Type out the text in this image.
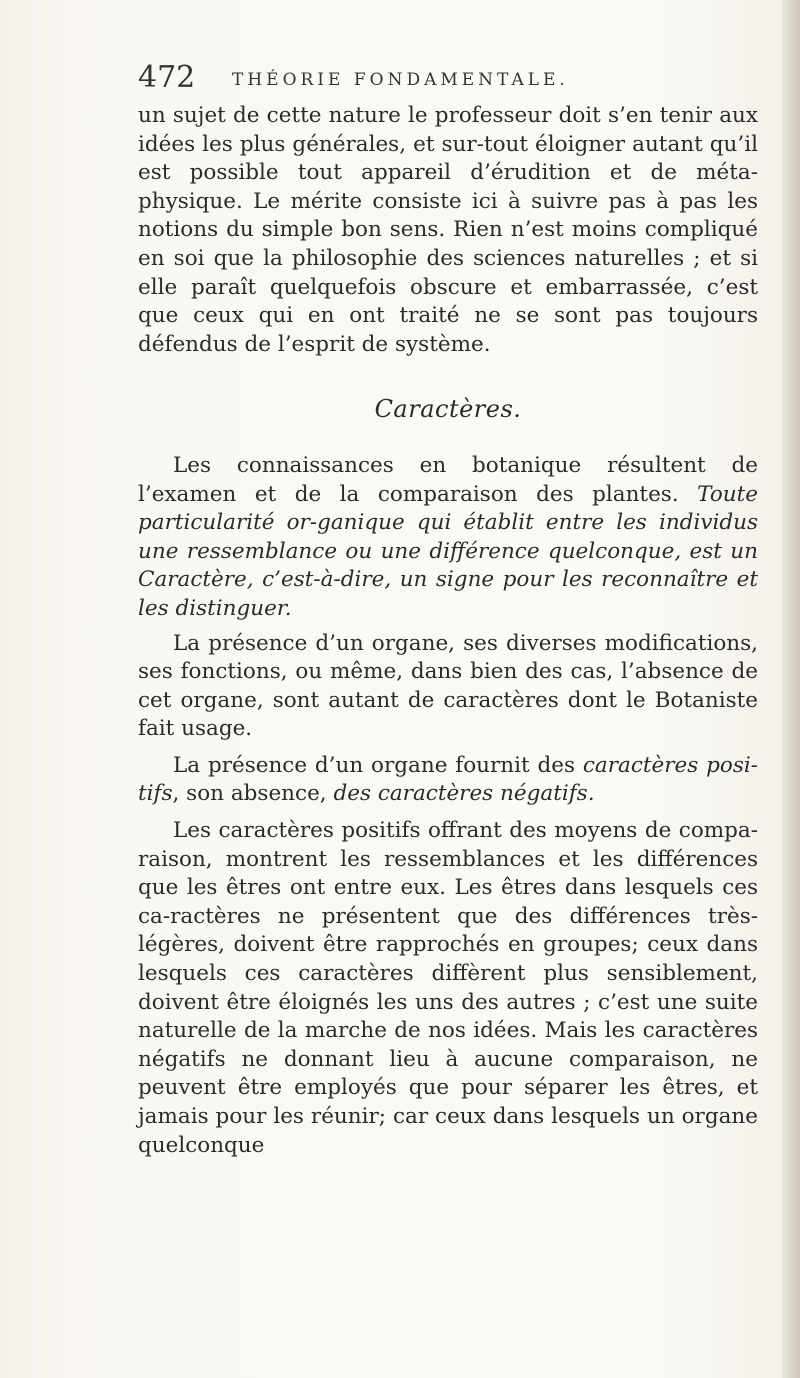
472 THÉORIE FONDAMENTALE.

un sujet de cette nature le professeur doit s’en tenir aux idées les plus générales, et sur-tout éloigner autant qu’il est possible tout appareil d’érudition et de méta-physique. Le mérite consiste ici à suivre pas à pas les notions du simple bon sens. Rien n’est moins compliqué en soi que la philosophie des sciences naturelles ; et si elle paraît quelquefois obscure et embarrassée, c’est que ceux qui en ont traité ne se sont pas toujours défendus de l’esprit de système.

Caractères.

Les connaissances en botanique résultent de l’examen et de la comparaison des plantes. Toute particularité or-ganique qui établit entre les individus une ressemblance ou une différence quelconque, est un Caractère, c’est-à-dire, un signe pour les reconnaître et les distinguer.

La présence d’un organe, ses diverses modifications, ses fonctions, ou même, dans bien des cas, l’absence de cet organe, sont autant de caractères dont le Botaniste fait usage.

La présence d’un organe fournit des caractères posi-tifs, son absence, des caractères négatifs.

Les caractères positifs offrant des moyens de compa-raison, montrent les ressemblances et les différences que les êtres ont entre eux. Les êtres dans lesquels ces ca-ractères ne présentent que des différences très-légères, doivent être rapprochés en groupes; ceux dans lesquels ces caractères diffèrent plus sensiblement, doivent être éloignés les uns des autres ; c’est une suite naturelle de la marche de nos idées. Mais les caractères négatifs ne donnant lieu à aucune comparaison, ne peuvent être employés que pour séparer les êtres, et jamais pour les réunir; car ceux dans lesquels un organe quelconque
